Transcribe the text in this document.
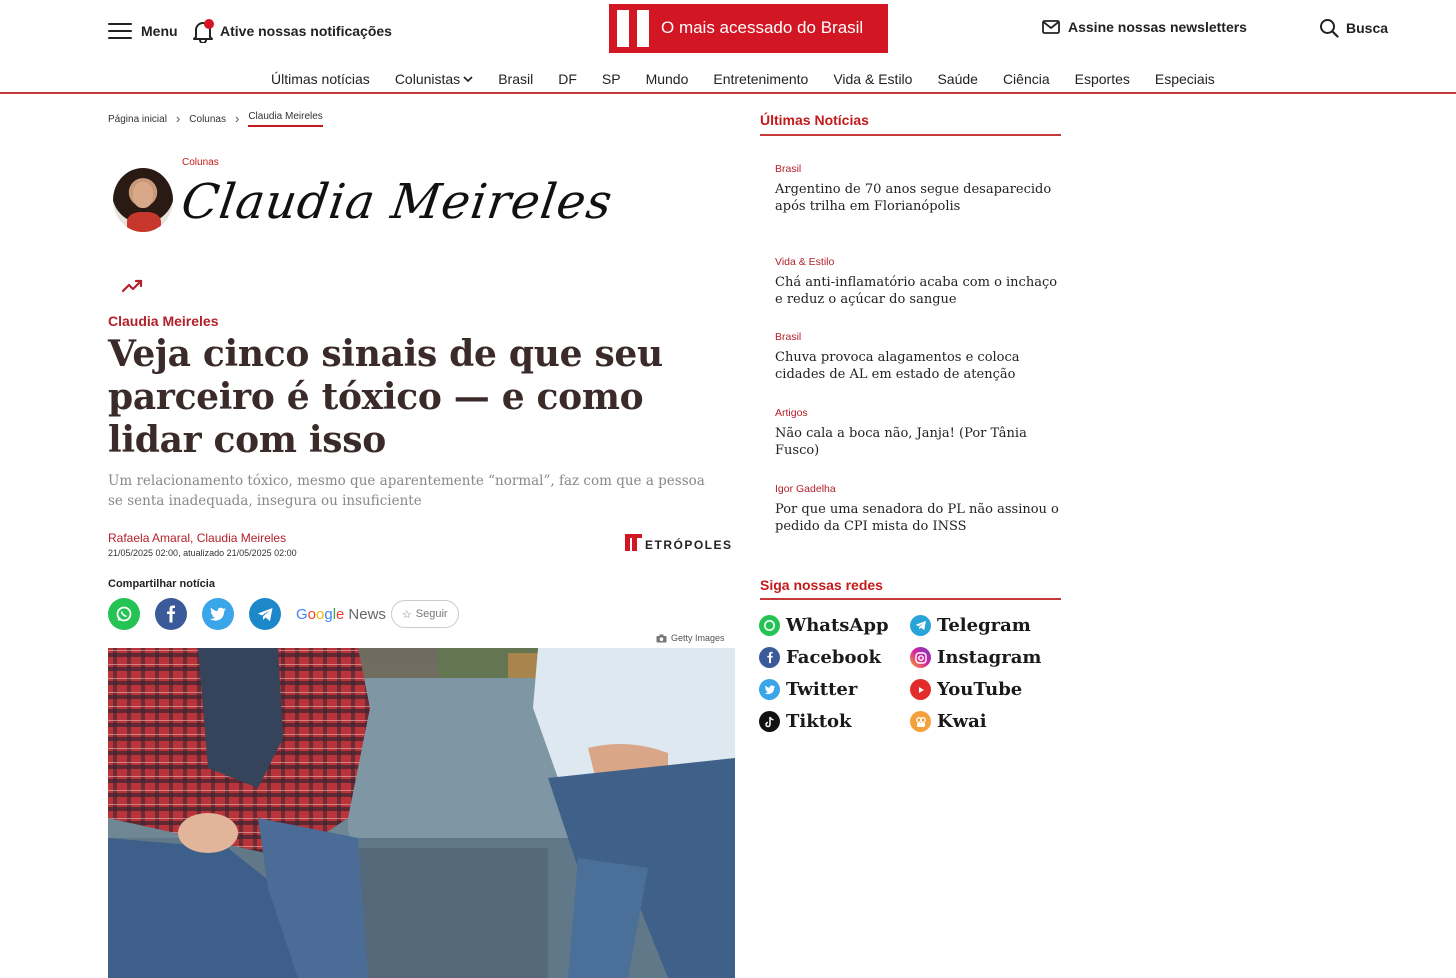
Menu	Ative nossas notificações	O mais acessado do Brasil	Assine nossas newsletters	Busca
Últimas notícias Colunistas	Brasil DF SP Mundo Entretenimento Vida & Estilo Saúde Ciência Esportes Especiais
Página inicial › Colunas › Claudia Meireles
Colunas
Claudia Meireles
Claudia Meireles
Veja cinco sinais de que seu parceiro é tóxico — e como lidar com isso

Um relacionamento tóxico, mesmo que aparentemente “normal”, faz com que a pessoa se senta inadequada, insegura ou insuficiente

Rafaela Amaral, Claudia Meireles
21/05/2025 02:00, atualizado 21/05/2025 02:00
ETRÓPOLES
Compartilhar notícia
G o o g l e News ☆ Seguir
Getty Images
Últimas Notícias
Brasil
Argentino de 70 anos segue desaparecido após trilha em Florianópolis
Vida & Estilo
Chá anti-inflamatório acaba com o inchaço e reduz o açúcar do sangue
Brasil
Chuva provoca alagamentos e coloca cidades de AL em estado de atenção
Artigos
Não cala a boca não, Janja! (Por Tânia Fusco)
Igor Gadelha
Por que uma senadora do PL não assinou o pedido da CPI mista do INSS
Siga nossas redes
WhatsApp	Telegram
Facebook	Instagram
Twitter	YouTube
Tiktok	Kwai
